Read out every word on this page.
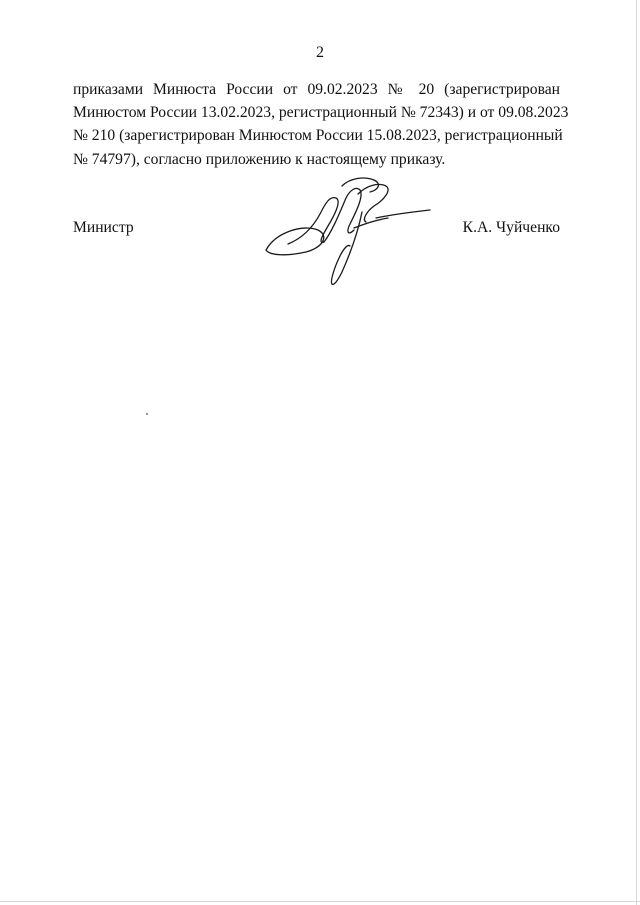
2
приказами Минюста России от 09.02.2023 № 20 (зарегистрирован
Минюстом России 13.02.2023, регистрационный № 72343) и от 09.08.2023
№ 210 (зарегистрирован Минюстом России 15.08.2023, регистрационный
№ 74797), согласно приложению к настоящему приказу.
Министр	К.А. Чуйченко
